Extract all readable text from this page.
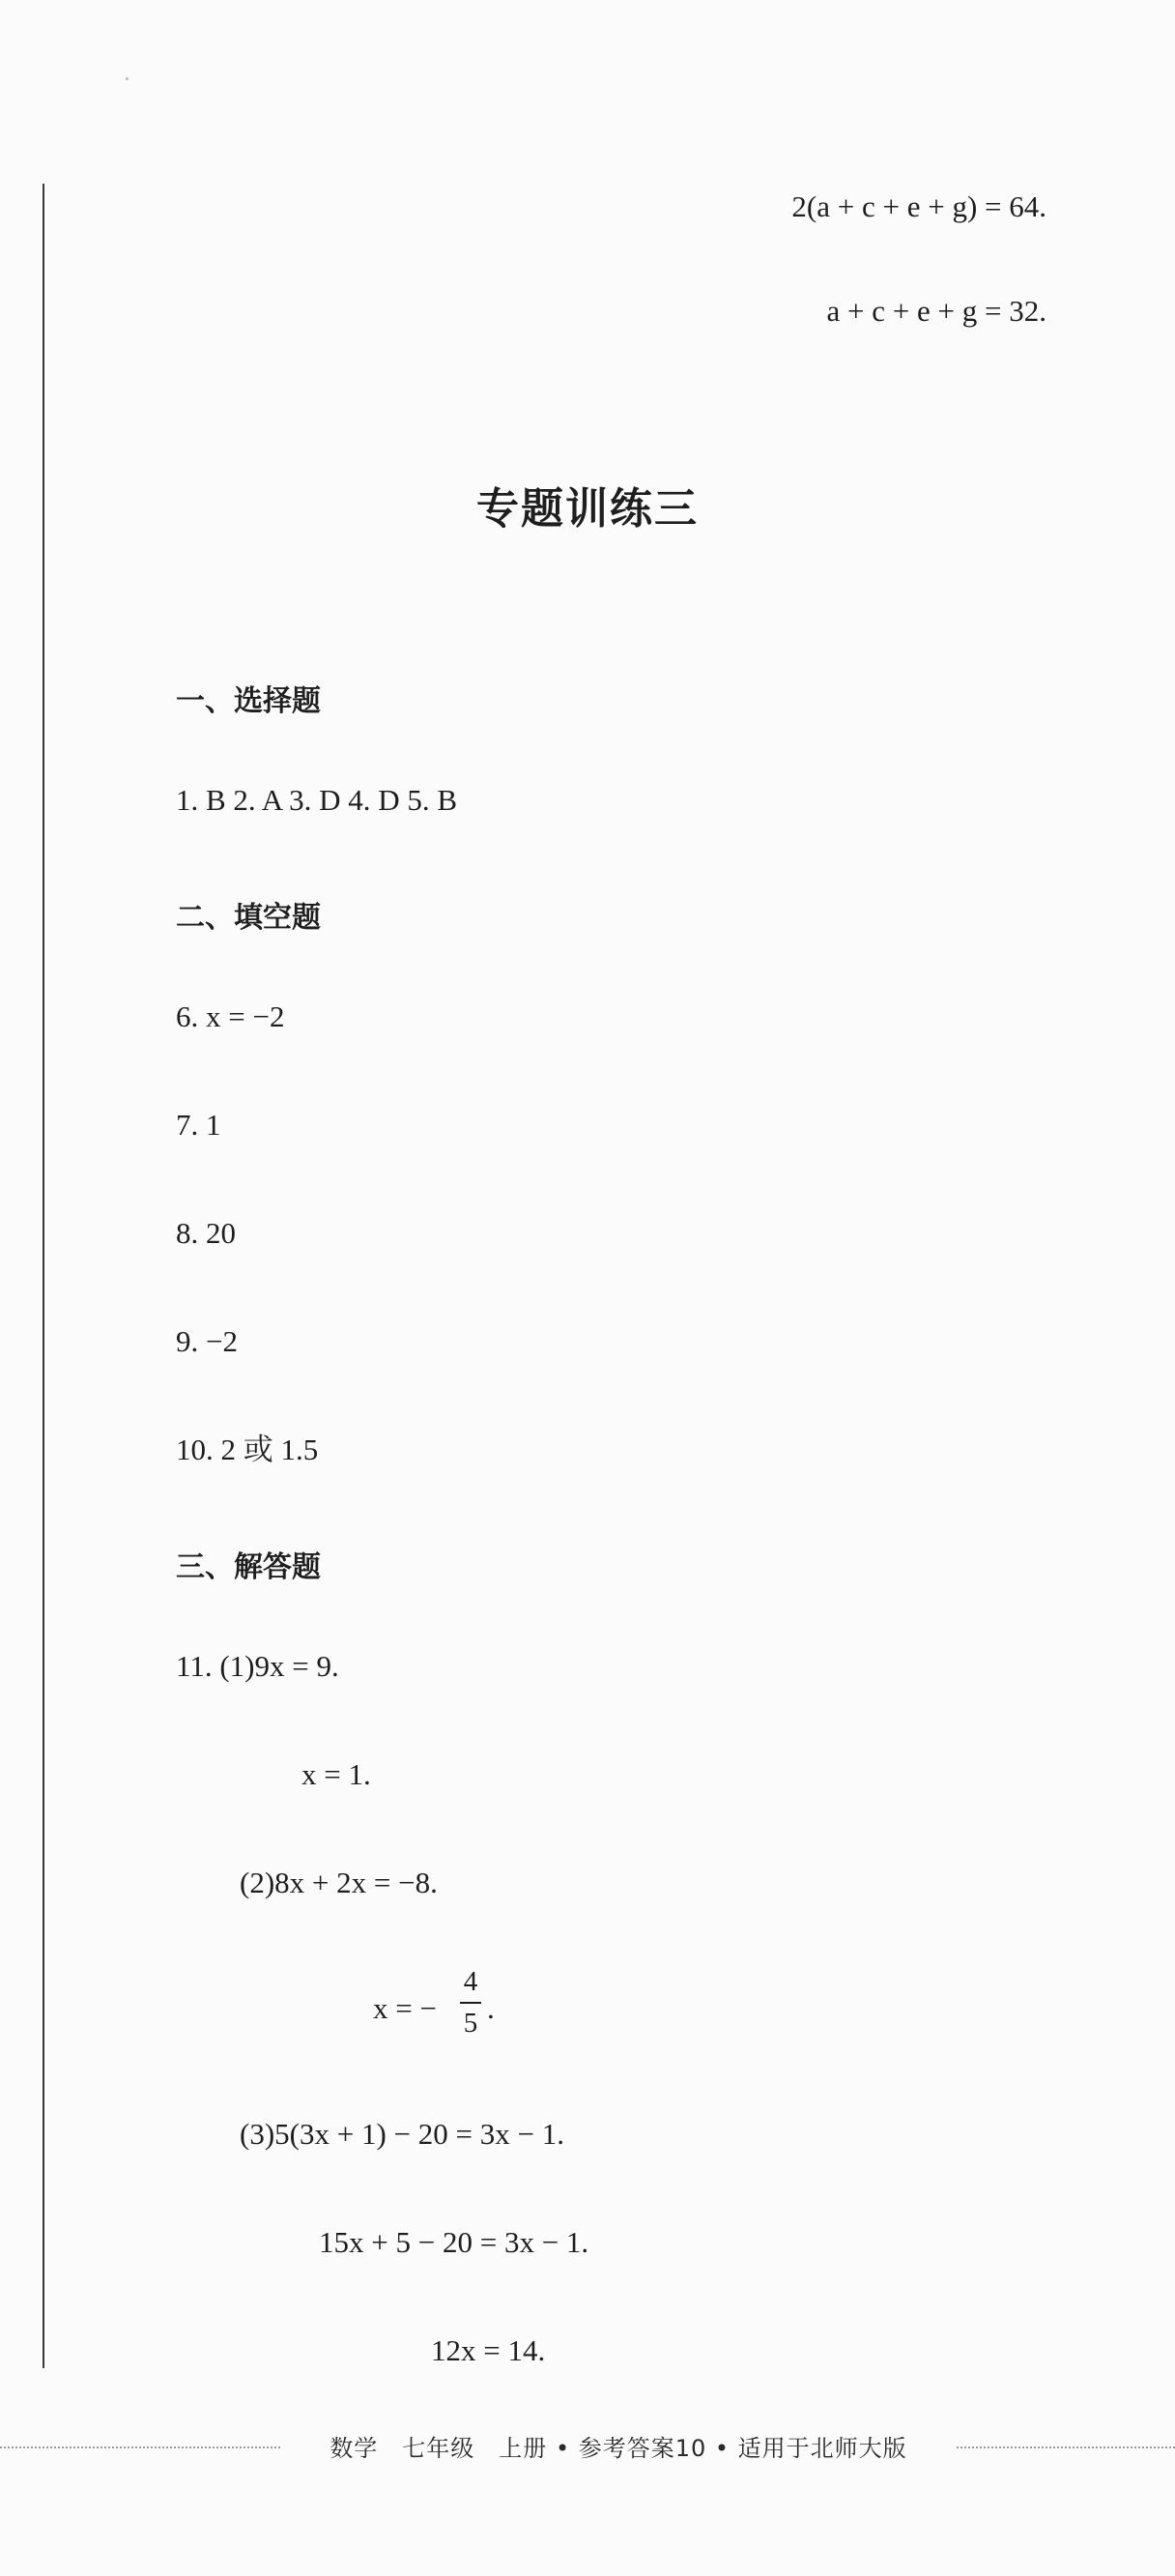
2(a + c + e + g) = 64.
a + c + e + g = 32.
专题训练三
一、选择题
1. B 2. A 3. D 4. D 5. B
二、填空题
6. x = −2
7. 1
8. 20
9. −2
10. 2 或 1.5
三、解答题
11. (1)9x = 9.
x = 1.
(2)8x + 2x = −8.
x = −
4
5 .
(3)5(3x + 1) − 20 = 3x − 1.
15x + 5 − 20 = 3x − 1.
12x = 14.
数学　七年级　上册 • 参考答案10 • 适用于北师大版
